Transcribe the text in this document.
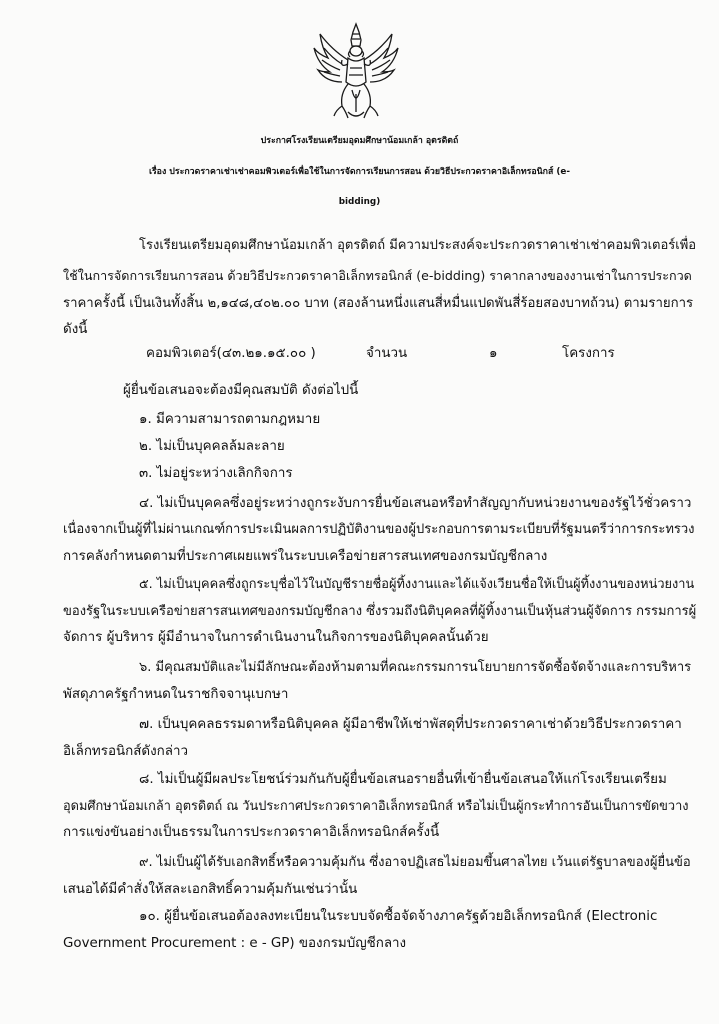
ประกาศโรงเรียนเตรียมอุดมศึกษาน้อมเกล้า อุตรดิตถ์
เรื่อง ประกวดราคาเช่าเช่าคอมพิวเตอร์เพื่อใช้ในการจัดการเรียนการสอน ด้วยวิธีประกวดราคาอิเล็กทรอนิกส์ (e-
bidding)
โรงเรียนเตรียมอุดมศึกษาน้อมเกล้า อุตรดิตถ์ มีความประสงค์จะประกวดราคาเช่าเช่าคอมพิวเตอร์เพื่อ
ใช้ในการจัดการเรียนการสอน ด้วยวิธีประกวดราคาอิเล็กทรอนิกส์ (e-bidding) ราคากลางของงานเช่าในการประกวด
ราคาครั้งนี้ เป็นเงินทั้งสิ้น ๒,๑๔๘,๔๐๒.๐๐ บาท (สองล้านหนึ่งแสนสี่หมื่นแปดพันสี่ร้อยสองบาทถ้วน) ตามรายการ
ดังนี้
คอมพิวเตอร์(๔๓.๒๑.๑๕.๐๐ )	จำนวน	๑	โครงการ
ผู้ยื่นข้อเสนอจะต้องมีคุณสมบัติ ดังต่อไปนี้
๑. มีความสามารถตามกฎหมาย
๒. ไม่เป็นบุคคลล้มละลาย
๓. ไม่อยู่ระหว่างเลิกกิจการ
๔. ไม่เป็นบุคคลซึ่งอยู่ระหว่างถูกระงับการยื่นข้อเสนอหรือทำสัญญากับหน่วยงานของรัฐไว้ชั่วคราว
เนื่องจากเป็นผู้ที่ไม่ผ่านเกณฑ์การประเมินผลการปฏิบัติงานของผู้ประกอบการตามระเบียบที่รัฐมนตรีว่าการกระทรวง
การคลังกำหนดตามที่ประกาศเผยแพร่ในระบบเครือข่ายสารสนเทศของกรมบัญชีกลาง
๕. ไม่เป็นบุคคลซึ่งถูกระบุชื่อไว้ในบัญชีรายชื่อผู้ทิ้งงานและได้แจ้งเวียนชื่อให้เป็นผู้ทิ้งงานของหน่วยงาน
ของรัฐในระบบเครือข่ายสารสนเทศของกรมบัญชีกลาง ซึ่งรวมถึงนิติบุคคลที่ผู้ทิ้งงานเป็นหุ้นส่วนผู้จัดการ กรรมการผู้
จัดการ ผู้บริหาร ผู้มีอำนาจในการดำเนินงานในกิจการของนิติบุคคลนั้นด้วย
๖. มีคุณสมบัติและไม่มีลักษณะต้องห้ามตามที่คณะกรรมการนโยบายการจัดซื้อจัดจ้างและการบริหาร
พัสดุภาครัฐกำหนดในราชกิจจานุเบกษา
๗. เป็นบุคคลธรรมดาหรือนิติบุคคล ผู้มีอาชีพให้เช่าพัสดุที่ประกวดราคาเช่าด้วยวิธีประกวดราคา
อิเล็กทรอนิกส์ดังกล่าว
๘. ไม่เป็นผู้มีผลประโยชน์ร่วมกันกับผู้ยื่นข้อเสนอรายอื่นที่เข้ายื่นข้อเสนอให้แก่โรงเรียนเตรียม
อุดมศึกษาน้อมเกล้า อุตรดิตถ์ ณ วันประกาศประกวดราคาอิเล็กทรอนิกส์ หรือไม่เป็นผู้กระทำการอันเป็นการขัดขวาง
การแข่งขันอย่างเป็นธรรมในการประกวดราคาอิเล็กทรอนิกส์ครั้งนี้
๙. ไม่เป็นผู้ได้รับเอกสิทธิ์หรือความคุ้มกัน ซึ่งอาจปฏิเสธไม่ยอมขึ้นศาลไทย เว้นแต่รัฐบาลของผู้ยื่นข้อ
เสนอได้มีคำสั่งให้สละเอกสิทธิ์ความคุ้มกันเช่นว่านั้น
๑๐. ผู้ยื่นข้อเสนอต้องลงทะเบียนในระบบจัดซื้อจัดจ้างภาครัฐด้วยอิเล็กทรอนิกส์ (Electronic
Government Procurement : e - GP) ของกรมบัญชีกลาง
